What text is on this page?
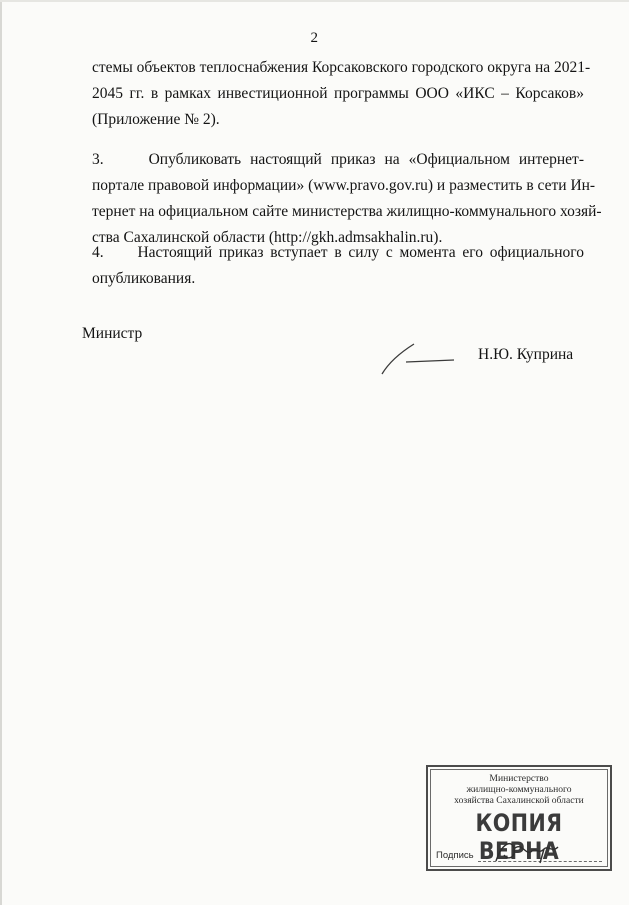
2

стемы объектов теплоснабжения Корсаковского городского округа на 2021-
2045 гг. в рамках инвестиционной программы ООО «ИКС – Корсаков»
(Приложение № 2).

3.     Опубликовать настоящий приказ на «Официальном интернет-
портале правовой информации» (www.pravo.gov.ru) и разместить в сети Ин-
тернет на официальном сайте министерства жилищно-коммунального хозяй-
ства Сахалинской области (http://gkh.admsakhalin.ru).

4.     Настоящий приказ вступает в силу с момента его официального
опубликования.

Министр
Н.Ю. Куприна
Министерство
жилищно-коммунального
хозяйства Сахалинской области
КОПИЯ ВЕРНА
Подпись
